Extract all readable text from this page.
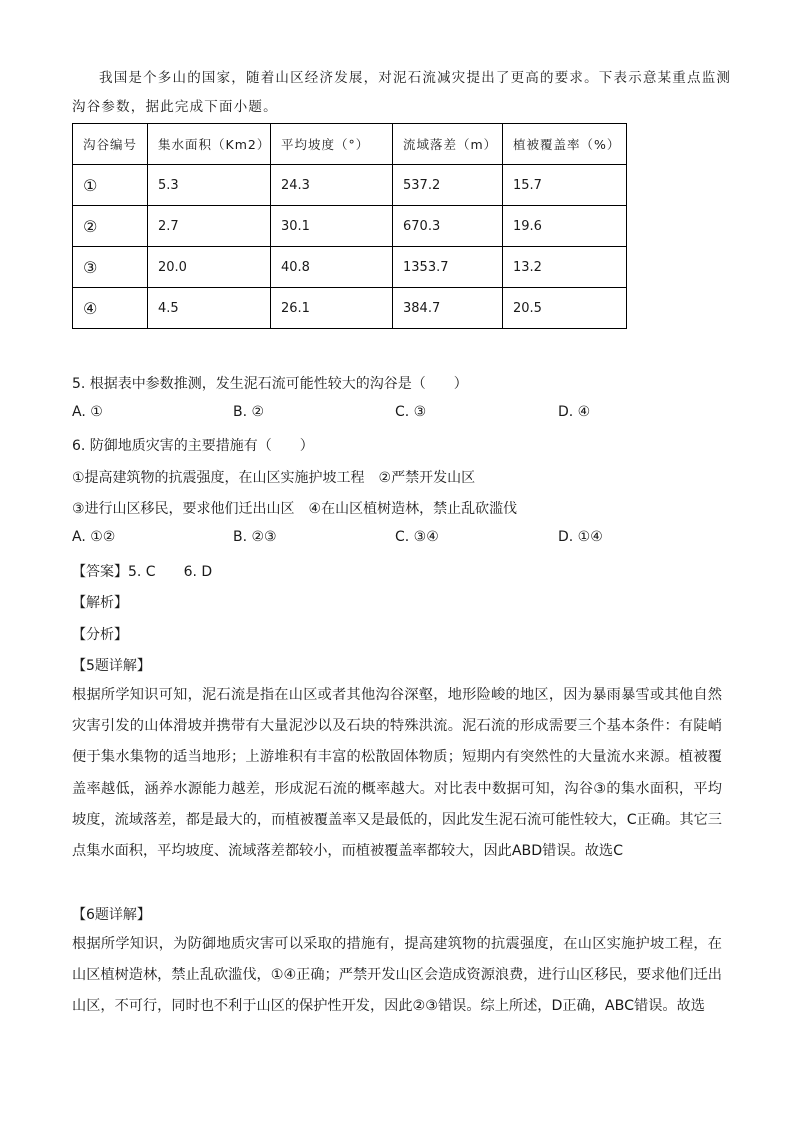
我国是个多山的国家，随着山区经济发展，对泥石流减灾提出了更高的要求。下表示意某重点监测沟谷参数，据此完成下面小题。

沟谷编号	集水面积（Km2）	平均坡度（°）	流域落差（m）	植被覆盖率（%）
①	5.3	24.3	537.2	15.7
②	2.7	30.1	670.3	19.6
③	20.0	40.8	1353.7	13.2
④	4.5	26.1	384.7	20.5
5. 根据表中参数推测，发生泥石流可能性较大的沟谷是（　　）
A. ①	B. ②	C. ③	D. ④
6. 防御地质灾害的主要措施有（　　）
①提高建筑物的抗震强度，在山区实施护坡工程　②严禁开发山区
③进行山区移民，要求他们迁出山区　④在山区植树造林，禁止乱砍滥伐
A. ①②	B. ②③	C. ③④	D. ①④
【答案】5. C　　6. D
【解析】
【分析】
【5题详解】

根据所学知识可知，泥石流是指在山区或者其他沟谷深壑，地形险峻的地区，因为暴雨暴雪或其他自然灾害引发的山体滑坡并携带有大量泥沙以及石块的特殊洪流。泥石流的形成需要三个基本条件：有陡峭便于集水集物的适当地形；上游堆积有丰富的松散固体物质；短期内有突然性的大量流水来源。植被覆盖率越低，涵养水源能力越差，形成泥石流的概率越大。对比表中数据可知，沟谷③的集水面积，平均坡度，流域落差，都是最大的，而植被覆盖率又是最低的，因此发生泥石流可能性较大，C正确。其它三点集水面积，平均坡度、流域落差都较小，而植被覆盖率都较大，因此ABD错误。故选C

【6题详解】

根据所学知识，为防御地质灾害可以采取的措施有，提高建筑物的抗震强度，在山区实施护坡工程，在山区植树造林，禁止乱砍滥伐，①④正确；严禁开发山区会造成资源浪费，进行山区移民，要求他们迁出山区，不可行，同时也不利于山区的保护性开发，因此②③错误。综上所述，D正确，ABC错误。故选
